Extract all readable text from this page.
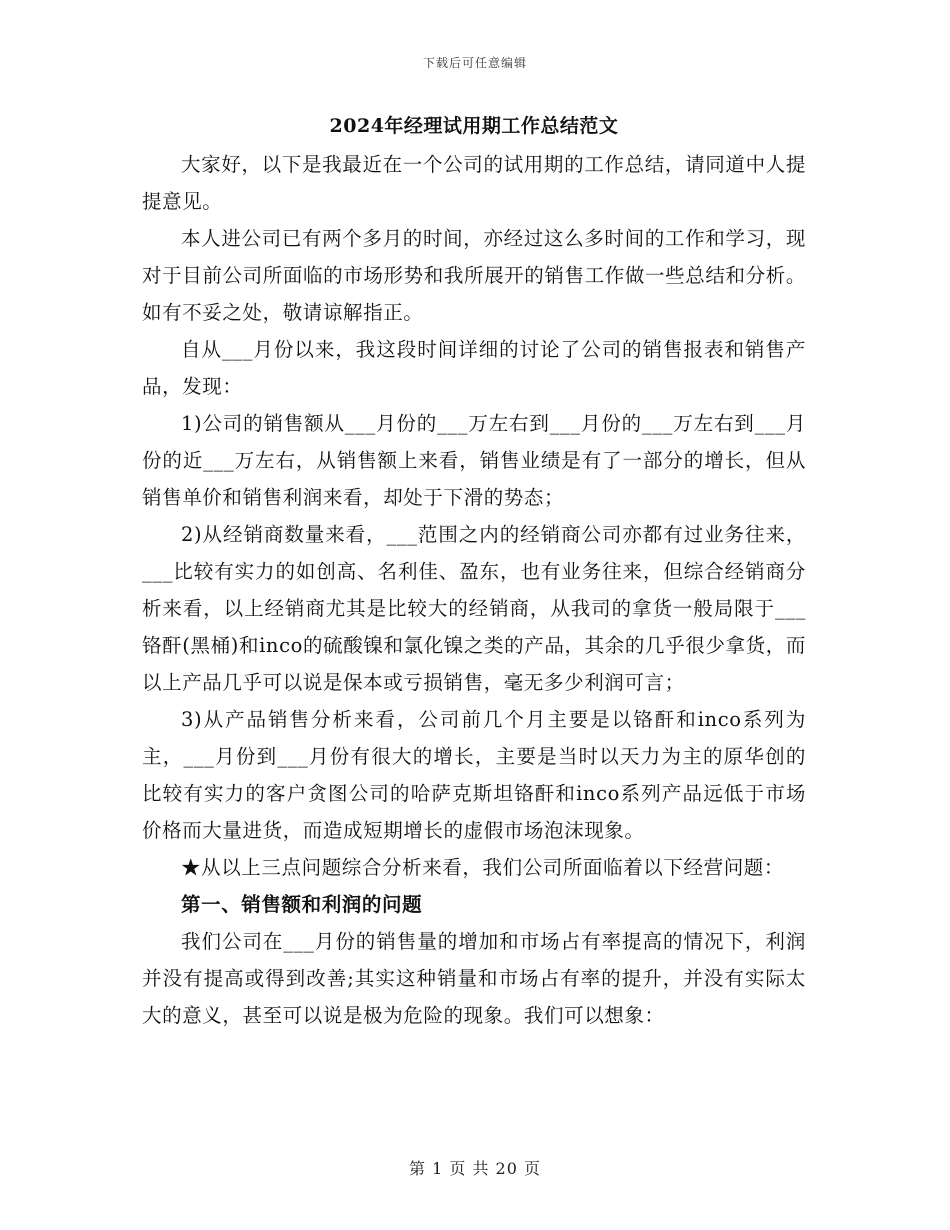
下载后可任意编辑
2024年经理试用期工作总结范文

大家好，以下是我最近在一个公司的试用期的工作总结，请同道中人提提意见。

本人进公司已有两个多月的时间，亦经过这么多时间的工作和学习，现对于目前公司所面临的市场形势和我所展开的销售工作做一些总结和分析。如有不妥之处，敬请谅解指正。

自从___月份以来，我这段时间详细的讨论了公司的销售报表和销售产品，发现：

1)公司的销售额从___月份的___万左右到___月份的___万左右到___月份的近___万左右，从销售额上来看，销售业绩是有了一部分的增长，但从销售单价和销售利润来看，却处于下滑的势态；

2)从经销商数量来看，___范围之内的经销商公司亦都有过业务往来，___比较有实力的如创高、名利佳、盈东，也有业务往来，但综合经销商分析来看，以上经销商尤其是比较大的经销商，从我司的拿货一般局限于___铬酐(黑桶)和inco的硫酸镍和氯化镍之类的产品，其余的几乎很少拿货，而以上产品几乎可以说是保本或亏损销售，毫无多少利润可言；

3)从产品销售分析来看，公司前几个月主要是以铬酐和inco系列为主，___月份到___月份有很大的增长，主要是当时以天力为主的原华创的比较有实力的客户贪图公司的哈萨克斯坦铬酐和inco系列产品远低于市场价格而大量进货，而造成短期增长的虚假市场泡沫现象。

★从以上三点问题综合分析来看，我们公司所面临着以下经营问题：

第一、销售额和利润的问题

我们公司在___月份的销售量的增加和市场占有率提高的情况下，利润并没有提高或得到改善;其实这种销量和市场占有率的提升，并没有实际太大的意义，甚至可以说是极为危险的现象。我们可以想象：

第 1 页 共 20 页
